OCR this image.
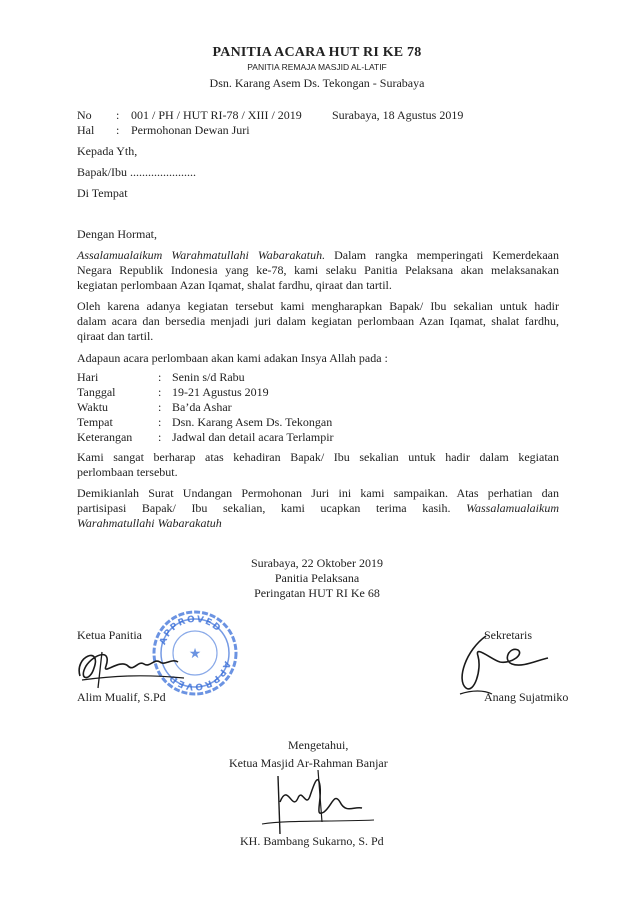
PANITIA ACARA HUT RI KE 78
PANITIA REMAJA MASJID AL-LATIF
Dsn. Karang Asem Ds. Tekongan - Surabaya
No : 001 / PH / HUT RI-78 / XIII / 2019	Surabaya, 18 Agustus 2019
Hal : Permohonan Dewan Juri
Kepada Yth,
Bapak/Ibu ......................
Di Tempat
Dengan Hormat,
Assalamualaikum Warahmatullahi Wabarakatuh. Dalam rangka memperingati Kemerdekaan
Negara Republik Indonesia yang ke-78, kami selaku Panitia Pelaksana akan melaksanakan
kegiatan perlombaan Azan Iqamat, shalat fardhu, qiraat dan tartil.
Oleh karena adanya kegiatan tersebut kami mengharapkan Bapak/ Ibu sekalian untuk hadir
dalam acara dan bersedia menjadi juri dalam kegiatan perlombaan Azan Iqamat, shalat fardhu,
qiraat dan tartil.
Adapaun acara perlombaan akan kami adakan Insya Allah pada :
Hari	: Senin s/d Rabu
Tanggal	: 19-21 Agustus 2019
Waktu	: Ba’da Ashar
Tempat	: Dsn. Karang Asem Ds. Tekongan
Keterangan : Jadwal dan detail acara Terlampir
Kami sangat berharap atas kehadiran Bapak/ Ibu sekalian untuk hadir dalam kegiatan
perlombaan tersebut.
Demikianlah Surat Undangan Permohonan Juri ini kami sampaikan. Atas perhatian dan
partisipasi Bapak/ Ibu sekalian, kami ucapkan terima kasih. Wassalamualaikum
Warahmatullahi Wabarakatuh
Surabaya, 22 Oktober 2019
Panitia Pelaksana
Peringatan HUT RI Ke 68
Ketua Panitia APPROVED
APPROVED
★
Alim Mualif, S.Pd
Sekretaris
Anang Sujatmiko
Mengetahui,
Ketua Masjid Ar-Rahman Banjar
KH. Bambang Sukarno, S. Pd
